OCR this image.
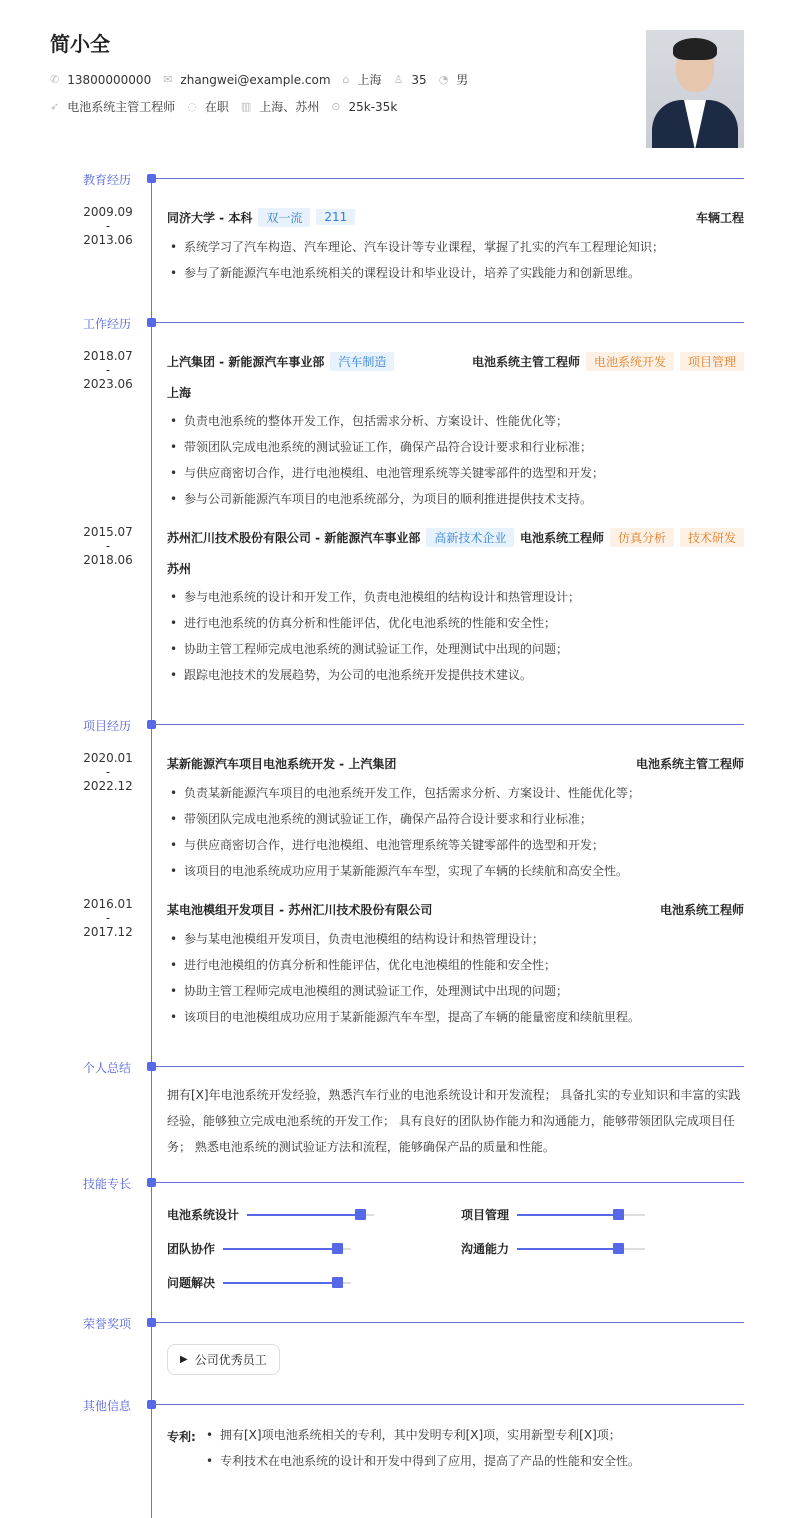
简小全
✆ 13800000000 ✉ zhangwei@example.com ⌂ 上海 ♙ 35 ◔ 男
➶ 电池系统主管工程师 ◌ 在职 ▥ 上海、苏州 ⊙ 25k-35k
教育经历
2009.09
-
2013.06
同济大学 - 本科	双一流	211	车辆工程
• 系统学习了汽车构造、汽车理论、汽车设计等专业课程，掌握了扎实的汽车工程理论知识；
• 参与了新能源汽车电池系统相关的课程设计和毕业设计，培养了实践能力和创新思维。
工作经历
2018.07
-
2023.06
上汽集团 - 新能源汽车事业部	汽车制造	电池系统主管工程师	电池系统开发	项目管理
上海
• 负责电池系统的整体开发工作，包括需求分析、方案设计、性能优化等；
• 带领团队完成电池系统的测试验证工作，确保产品符合设计要求和行业标准；
• 与供应商密切合作，进行电池模组、电池管理系统等关键零部件的选型和开发；
• 参与公司新能源汽车项目的电池系统部分，为项目的顺利推进提供技术支持。
2015.07
-
2018.06
苏州汇川技术股份有限公司 - 新能源汽车事业部	高新技术企业	电池系统工程师	仿真分析	技术研发
苏州
• 参与电池系统的设计和开发工作，负责电池模组的结构设计和热管理设计；
• 进行电池系统的仿真分析和性能评估，优化电池系统的性能和安全性；
• 协助主管工程师完成电池系统的测试验证工作，处理测试中出现的问题；
• 跟踪电池技术的发展趋势，为公司的电池系统开发提供技术建议。
项目经历
2020.01
-
2022.12
某新能源汽车项目电池系统开发 - 上汽集团	电池系统主管工程师
• 负责某新能源汽车项目的电池系统开发工作，包括需求分析、方案设计、性能优化等；
• 带领团队完成电池系统的测试验证工作，确保产品符合设计要求和行业标准；
• 与供应商密切合作，进行电池模组、电池管理系统等关键零部件的选型和开发；
• 该项目的电池系统成功应用于某新能源汽车车型，实现了车辆的长续航和高安全性。
2016.01
-
2017.12
某电池模组开发项目 - 苏州汇川技术股份有限公司	电池系统工程师
• 参与某电池模组开发项目，负责电池模组的结构设计和热管理设计；
• 进行电池模组的仿真分析和性能评估，优化电池模组的性能和安全性；
• 协助主管工程师完成电池模组的测试验证工作，处理测试中出现的问题；
• 该项目的电池模组成功应用于某新能源汽车车型，提高了车辆的能量密度和续航里程。
个人总结
拥有[X]年电池系统开发经验，熟悉汽车行业的电池系统设计和开发流程； 具备扎实的专业知识和丰富的实践经验，能够独立完成电池系统的开发工作； 具有良好的团队协作能力和沟通能力，能够带领团队完成项目任务； 熟悉电池系统的测试验证方法和流程，能够确保产品的质量和性能。
技能专长
电池系统设计	项目管理
团队协作	沟通能力
问题解决
荣誉奖项
▶ 公司优秀员工
其他信息
专利:	• 拥有[X]项电池系统相关的专利，其中发明专利[X]项，实用新型专利[X]项；
• 专利技术在电池系统的设计和开发中得到了应用，提高了产品的性能和安全性。
